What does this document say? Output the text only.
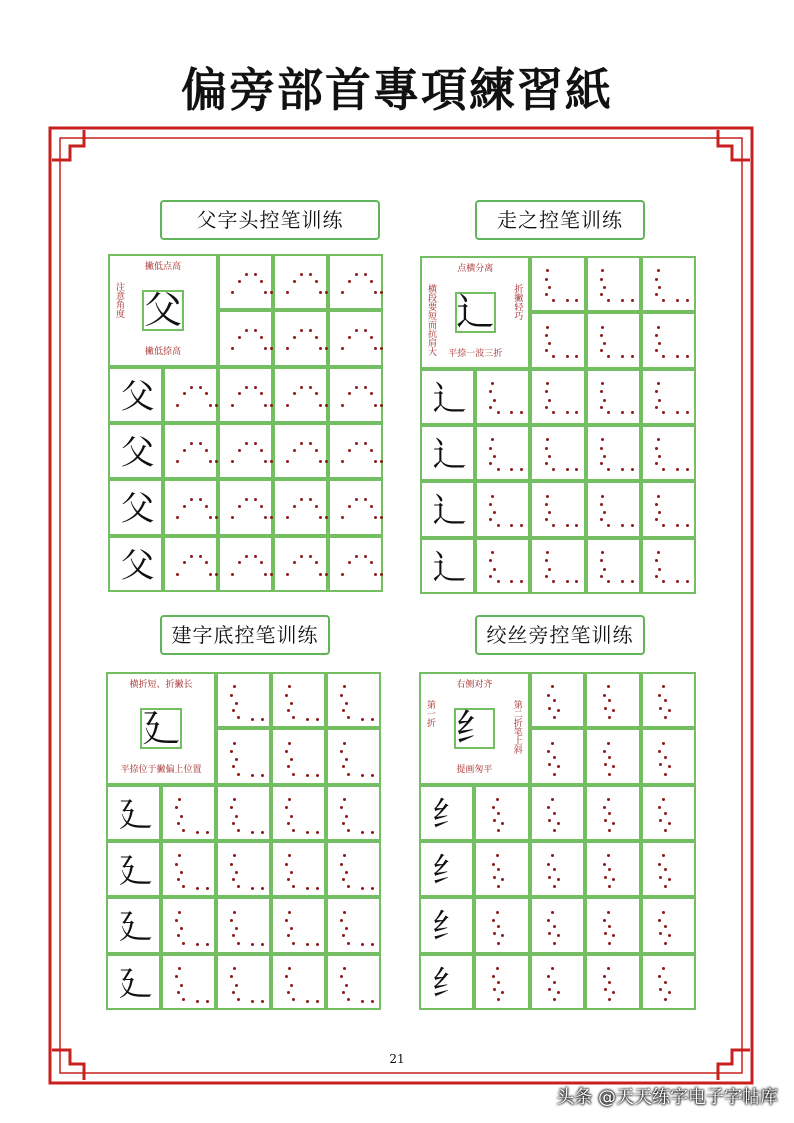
偏旁部首專項練習紙
父字头控笔训练	走之控笔训练
建字底控笔训练	绞丝旁控笔训练
父
撇低点高
撇低捺高
注意角度
父
父
父
父
辶
点横分离
平捺一波三折
横段要短而抗肩大	折撇轻巧
辶
辶
辶
辶
廴
横折短、折撇长
平捺位于撇偏上位置
廴
廴
廴
廴
纟
右侧对齐
提画匆平
第一折	第二折笔上斜
纟
纟
纟
纟
21
头条 @天天练字电子字帖库
